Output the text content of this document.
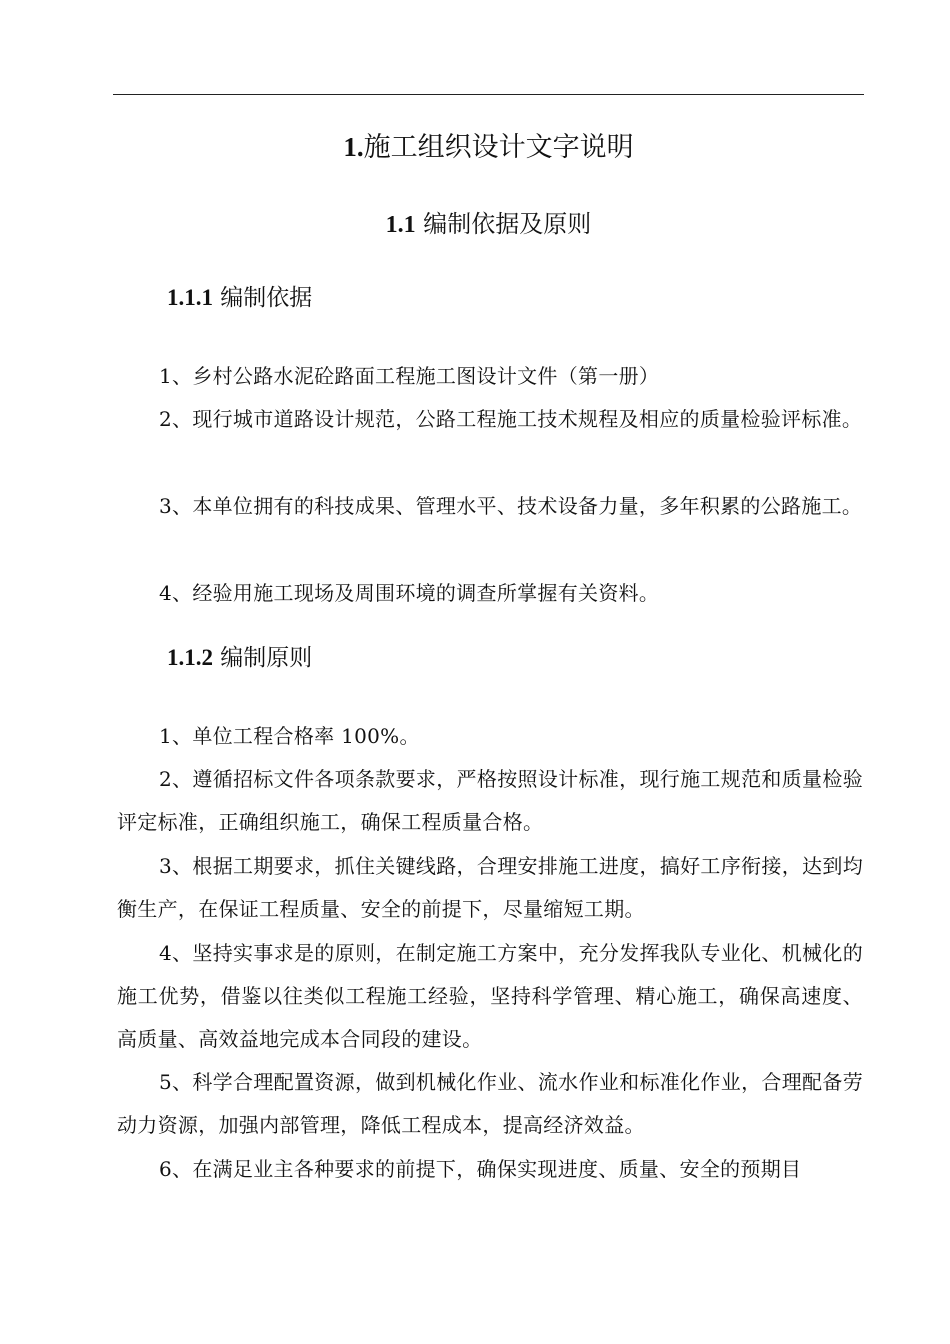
1.施工组织设计文字说明
1.1 编制依据及原则
1.1.1 编制依据

1、乡村公路水泥砼路面工程施工图设计文件（第一册）

2、现行城市道路设计规范，公路工程施工技术规程及相应的质量检验评标准。

3、本单位拥有的科技成果、管理水平、技术设备力量，多年积累的公路施工。

4、经验用施工现场及周围环境的调查所掌握有关资料。

1.1.2 编制原则

1、单位工程合格率 100%。

2、遵循招标文件各项条款要求，严格按照设计标准，现行施工规范和质量检验评定标准，正确组织施工，确保工程质量合格。

3、根据工期要求，抓住关键线路，合理安排施工进度，搞好工序衔接，达到均衡生产，在保证工程质量、安全的前提下，尽量缩短工期。

4、坚持实事求是的原则，在制定施工方案中，充分发挥我队专业化、机械化的施工优势，借鉴以往类似工程施工经验，坚持科学管理、精心施工，确保高速度、高质量、高效益地完成本合同段的建设。

5、科学合理配置资源，做到机械化作业、流水作业和标准化作业，合理配备劳动力资源，加强内部管理，降低工程成本，提高经济效益。

6、在满足业主各种要求的前提下，确保实现进度、质量、安全的预期目
